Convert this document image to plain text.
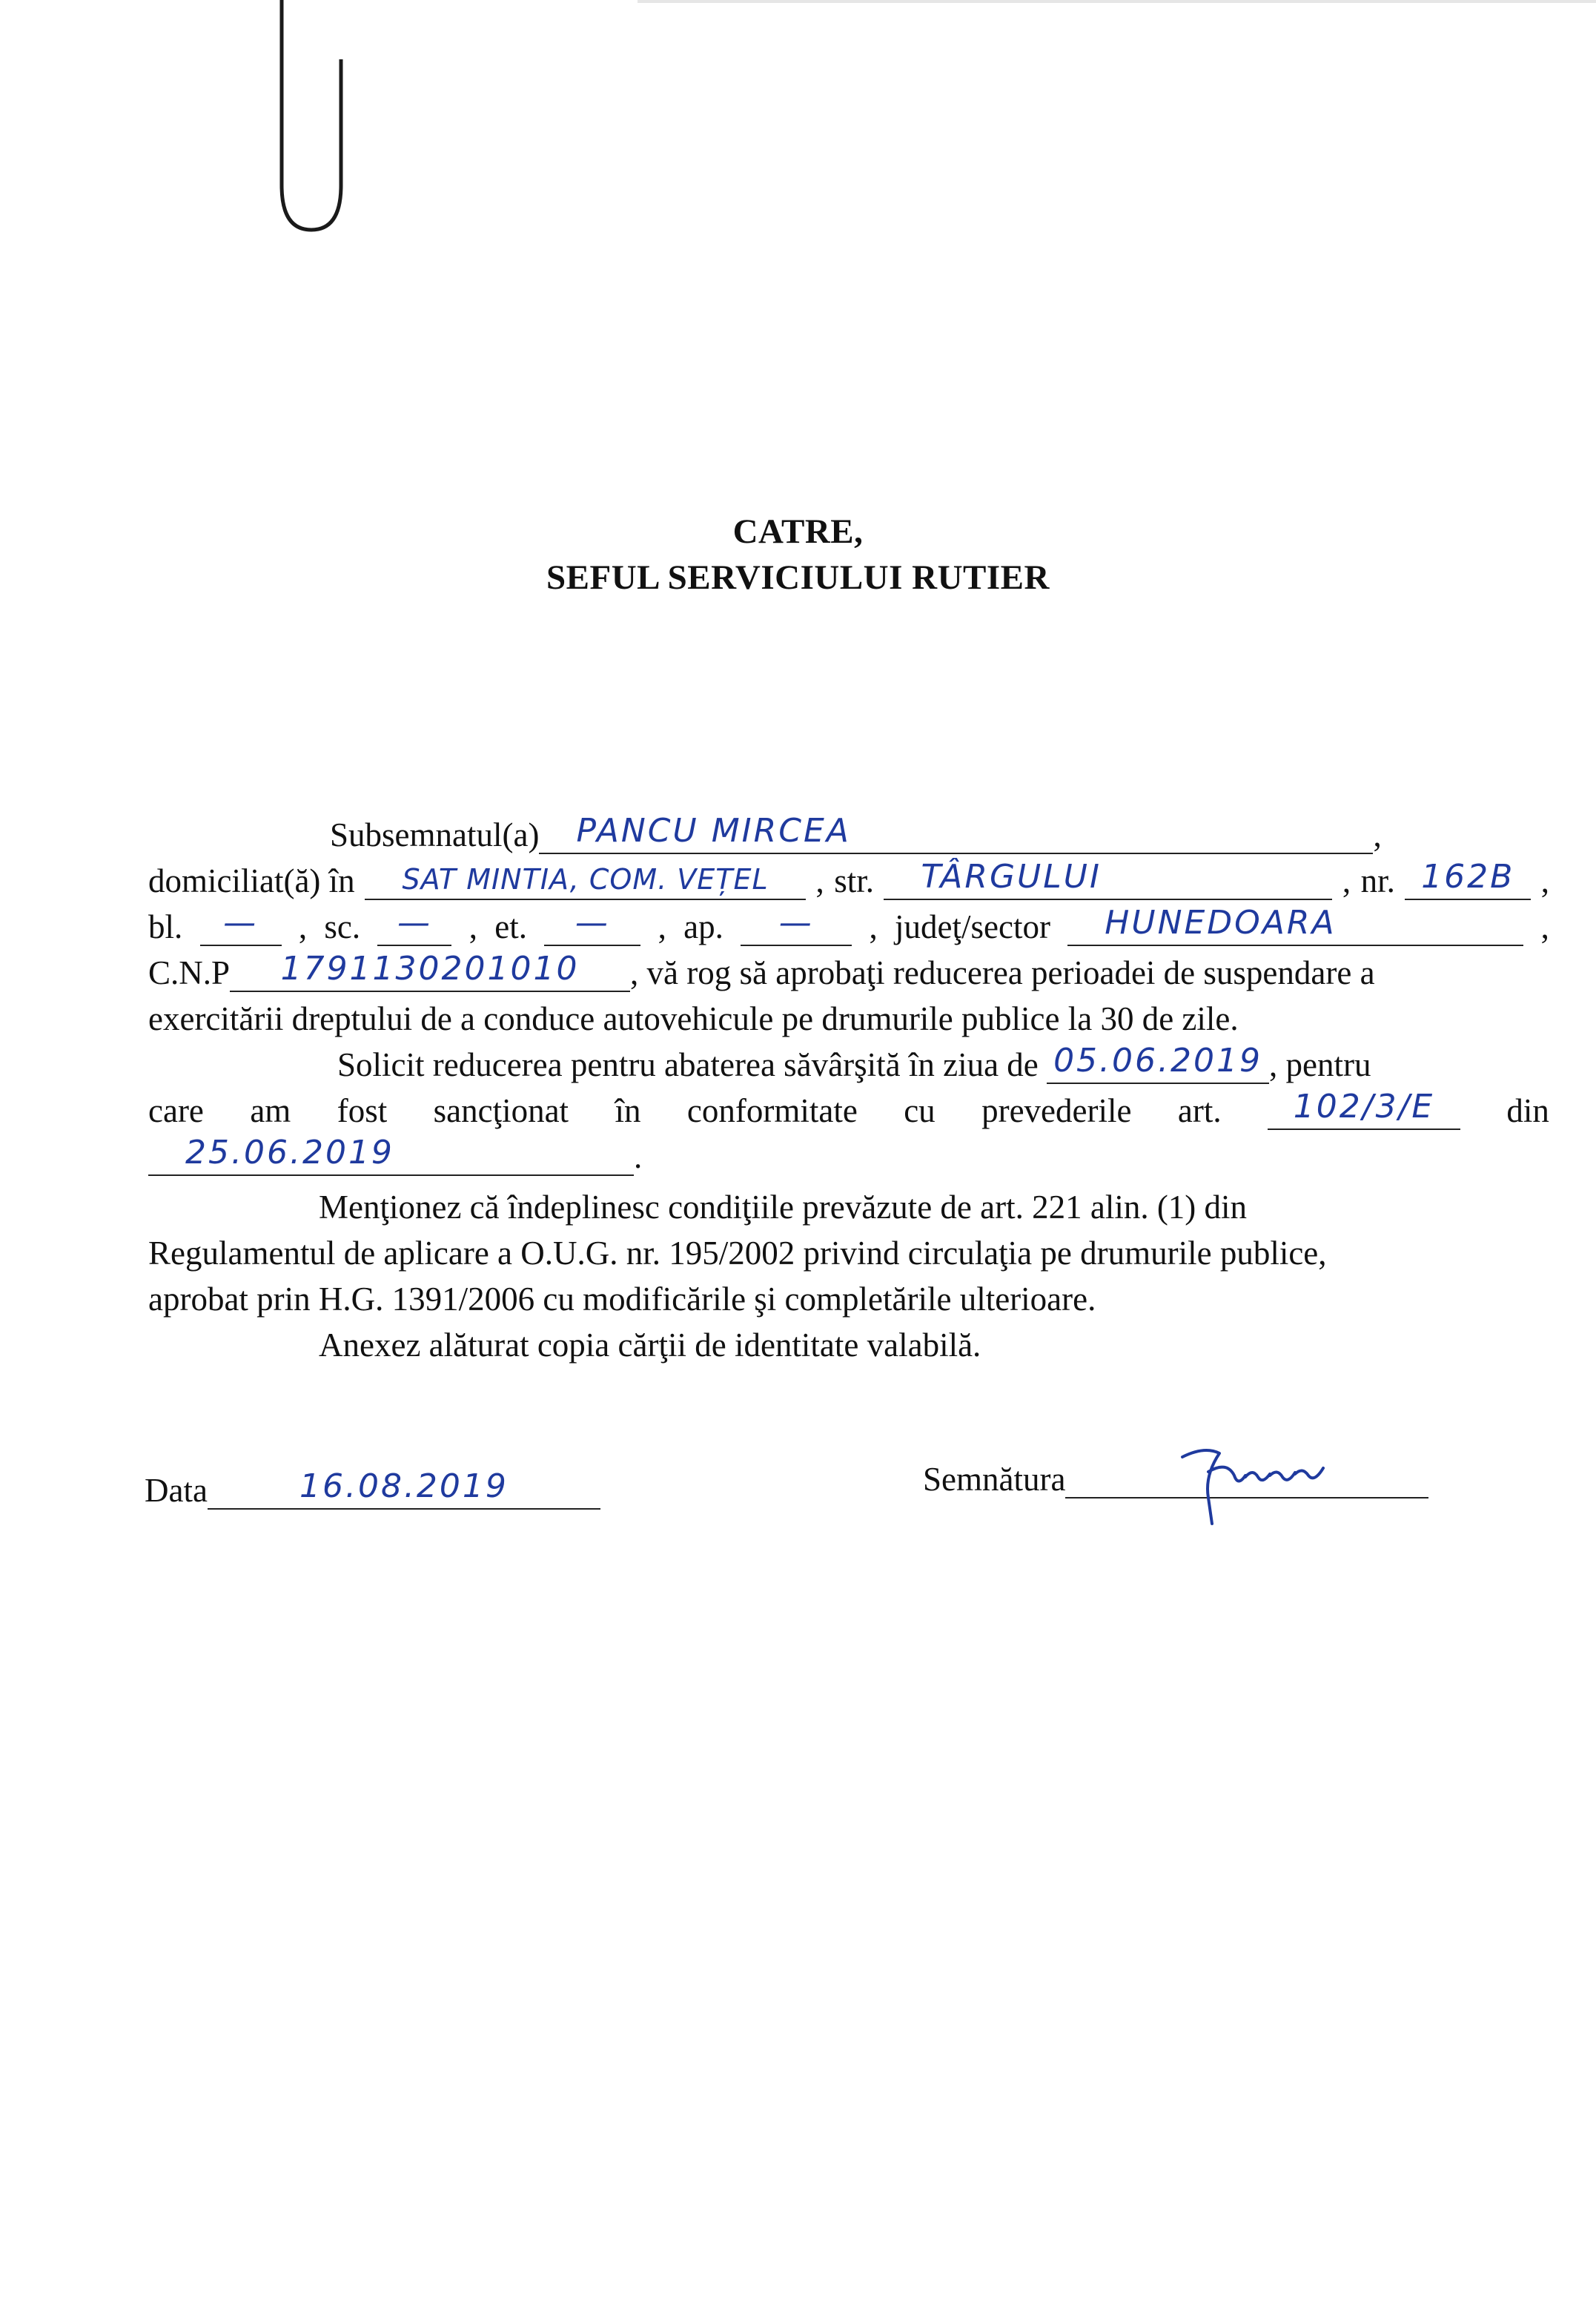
CATRE,
SEFUL SERVICIULUI RUTIER
Subsemnatul(a)	PANCU MIRCEA	,
domiciliat(ă) în	SAT MINTIA, COM. VEȚEL	, str.	TÂRGULUI	, nr. 162B ,
bl.	—	, sc.	—	, et.	—	, ap.	—	, judeţ/sector	HUNEDOARA	,
C.N.P	1791130201010	, vă rog să aprobaţi reducerea perioadei de suspendare a
exercitării dreptului de a conduce autovehicule pe drumurile publice la 30 de zile.
Solicit reducerea pentru abaterea săvârşită în ziua de
05.06.2019 , pentru
care am fost sancţionat în conformitate cu prevederile art.	102/3/E	din
25.06.2019	.
Menţionez că îndeplinesc condiţiile prevăzute de art. 221 alin. (1) din
Regulamentul de aplicare a O.U.G. nr. 195/2002 privind circulaţia pe drumurile publice,
aprobat prin H.G. 1391/2006 cu modificările şi completările ulterioare.
Anexez alăturat copia cărţii de identitate valabilă.
Data	16.08.2019	Semnătura
